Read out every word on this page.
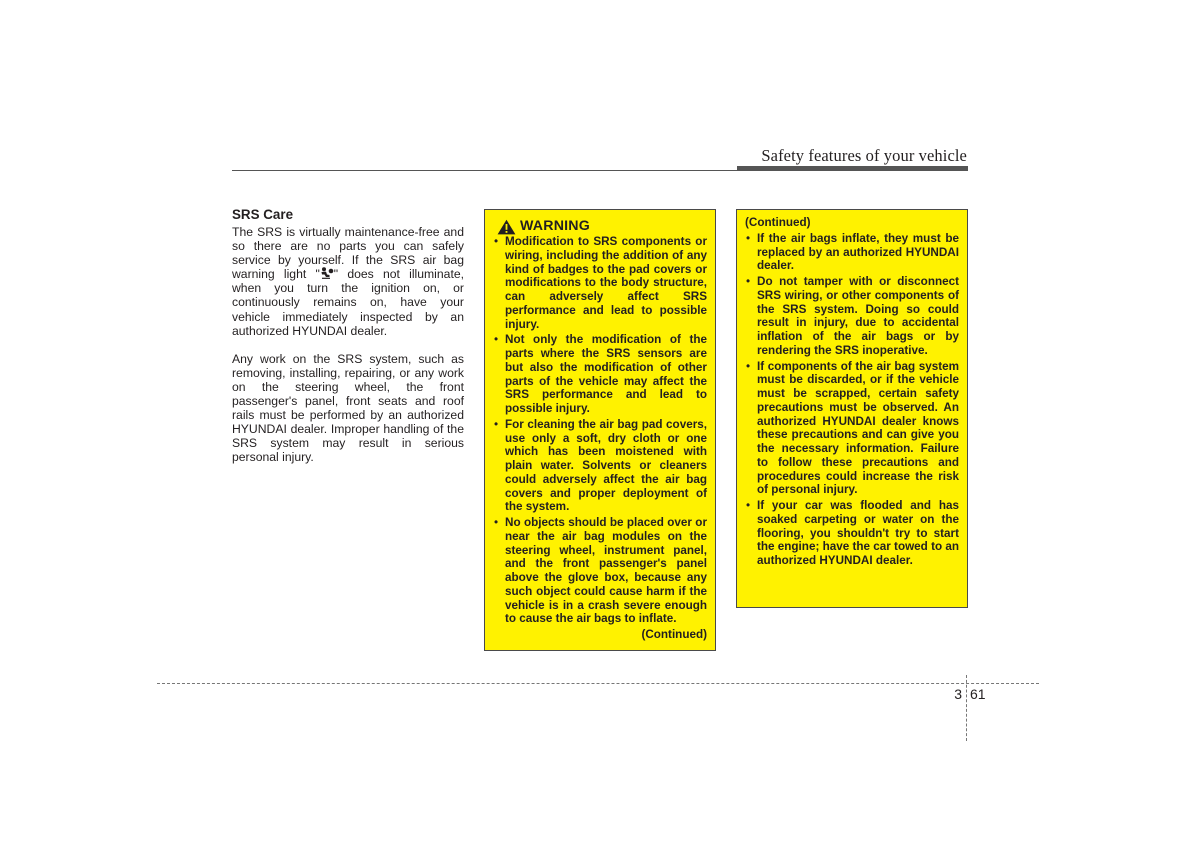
Safety features of your vehicle
SRS Care

The SRS is virtually maintenance-free and so there are no parts you can safely service by yourself. If the SRS air bag warning light " " does not illuminate, when you turn the ignition on, or continuously remains on, have your vehicle immediately inspected by an authorized HYUNDAI dealer.

Any work on the SRS system, such as removing, installing, repairing, or any work on the steering wheel, the front passenger's panel, front seats and roof rails must be performed by an authorized HYUNDAI dealer. Improper handling of the SRS system may result in serious personal injury.

WARNING
• Modification to SRS components or wiring, including the addition of any kind of badges to the pad covers or modifications to the body structure, can adversely affect SRS performance and lead to possible injury.
• Not only the modification of the parts where the SRS sensors are but also the modification of other parts of the vehicle may affect the SRS performance and lead to possible injury.
• For cleaning the air bag pad covers, use only a soft, dry cloth or one which has been moistened with plain water. Solvents or cleaners could adversely affect the air bag covers and proper deployment of the system.
• No objects should be placed over or near the air bag modules on the steering wheel, instrument panel, and the front passenger's panel above the glove box, because any such object could cause harm if the vehicle is in a crash severe enough to cause the air bags to inflate.
(Continued)
(Continued)
• If the air bags inflate, they must be replaced by an authorized HYUNDAI dealer.
• Do not tamper with or disconnect SRS wiring, or other components of the SRS system. Doing so could result in injury, due to accidental inflation of the air bags or by rendering the SRS inoperative.
• If components of the air bag system must be discarded, or if the vehicle must be scrapped, certain safety precautions must be observed. An authorized HYUNDAI dealer knows these precautions and can give you the necessary information. Failure to follow these precautions and procedures could increase the risk of personal injury.
• If your car was flooded and has soaked carpeting or water on the flooring, you shouldn't try to start the engine; have the car towed to an authorized HYUNDAI dealer.
3 61
